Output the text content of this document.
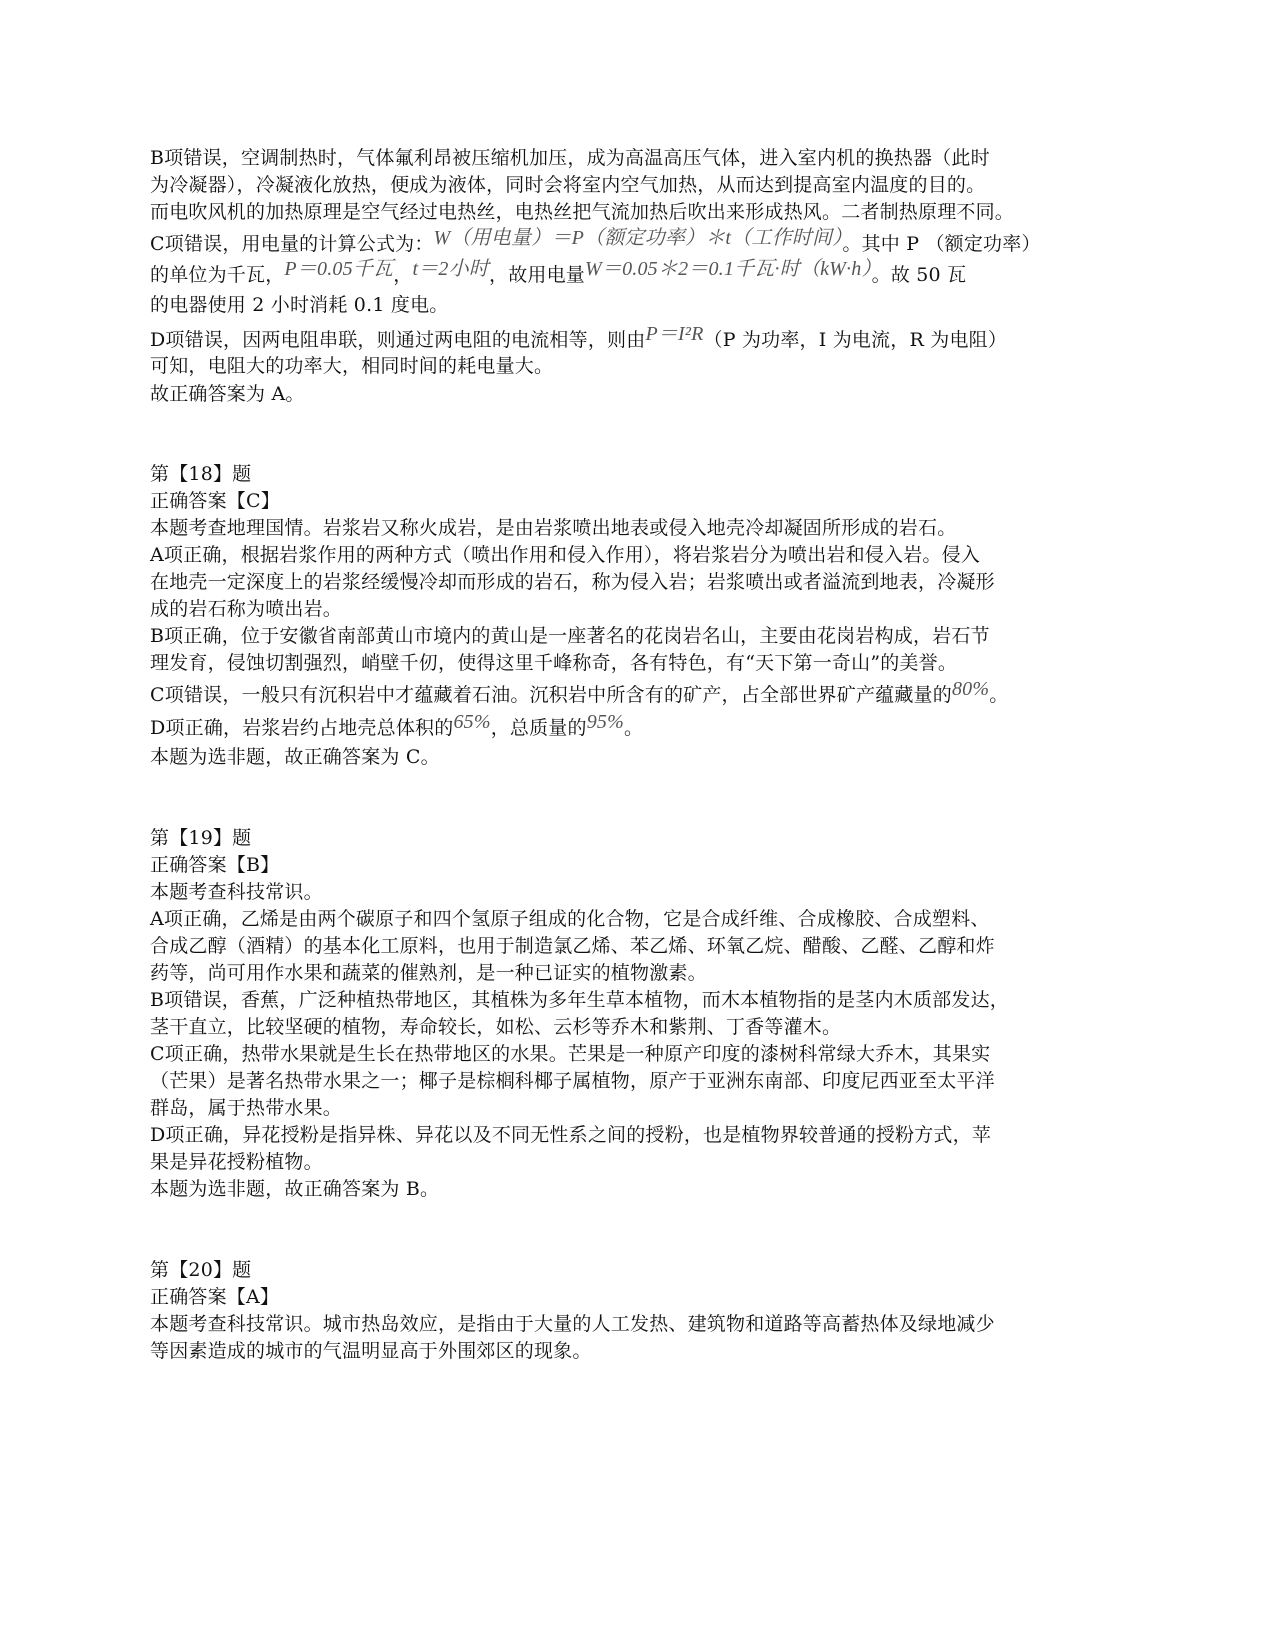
B项错误，空调制热时，气体氟利昂被压缩机加压，成为高温高压气体，进入室内机的换热器（此时
为冷凝器），冷凝液化放热，便成为液体，同时会将室内空气加热，从而达到提高室内温度的目的。
而电吹风机的加热原理是空气经过电热丝，电热丝把气流加热后吹出来形成热风。二者制热原理不同。
C项错误，用电量的计算公式为：W（用电量）＝P（额定功率）＊t（工作时间）。其中 P （额定功率）
的单位为千瓦，P＝0.05千瓦，t＝2小时，故用电量W＝0.05＊2＝0.1千瓦·时（kW·h）。故 50 瓦
的电器使用 2 小时消耗 0.1 度电。
D项错误，因两电阻串联，则通过两电阻的电流相等，则由P＝I²R（P 为功率，I 为电流，R 为电阻）
可知，电阻大的功率大，相同时间的耗电量大。
故正确答案为 A。
第【18】题
正确答案【C】
本题考查地理国情。岩浆岩又称火成岩，是由岩浆喷出地表或侵入地壳冷却凝固所形成的岩石。
A项正确，根据岩浆作用的两种方式（喷出作用和侵入作用），将岩浆岩分为喷出岩和侵入岩。侵入
在地壳一定深度上的岩浆经缓慢冷却而形成的岩石，称为侵入岩；岩浆喷出或者溢流到地表，冷凝形
成的岩石称为喷出岩。
B项正确，位于安徽省南部黄山市境内的黄山是一座著名的花岗岩名山，主要由花岗岩构成，岩石节
理发育，侵蚀切割强烈，峭壁千仞，使得这里千峰称奇，各有特色，有“天下第一奇山”的美誉。
C项错误，一般只有沉积岩中才蕴藏着石油。沉积岩中所含有的矿产，占全部世界矿产蕴藏量的80%。
D项正确，岩浆岩约占地壳总体积的65%，总质量的95%。
本题为选非题，故正确答案为 C。
第【19】题
正确答案【B】
本题考查科技常识。
A项正确，乙烯是由两个碳原子和四个氢原子组成的化合物，它是合成纤维、合成橡胶、合成塑料、
合成乙醇（酒精）的基本化工原料，也用于制造氯乙烯、苯乙烯、环氧乙烷、醋酸、乙醛、乙醇和炸
药等，尚可用作水果和蔬菜的催熟剂，是一种已证实的植物激素。
B项错误，香蕉，广泛种植热带地区，其植株为多年生草本植物，而木本植物指的是茎内木质部发达，
茎干直立，比较坚硬的植物，寿命较长，如松、云杉等乔木和紫荆、丁香等灌木。
C项正确，热带水果就是生长在热带地区的水果。芒果是一种原产印度的漆树科常绿大乔木，其果实
（芒果）是著名热带水果之一；椰子是棕榈科椰子属植物，原产于亚洲东南部、印度尼西亚至太平洋
群岛，属于热带水果。
D项正确，异花授粉是指异株、异花以及不同无性系之间的授粉，也是植物界较普通的授粉方式，苹
果是异花授粉植物。
本题为选非题，故正确答案为 B。
第【20】题
正确答案【A】
本题考查科技常识。城市热岛效应，是指由于大量的人工发热、建筑物和道路等高蓄热体及绿地减少
等因素造成的城市的气温明显高于外围郊区的现象。
